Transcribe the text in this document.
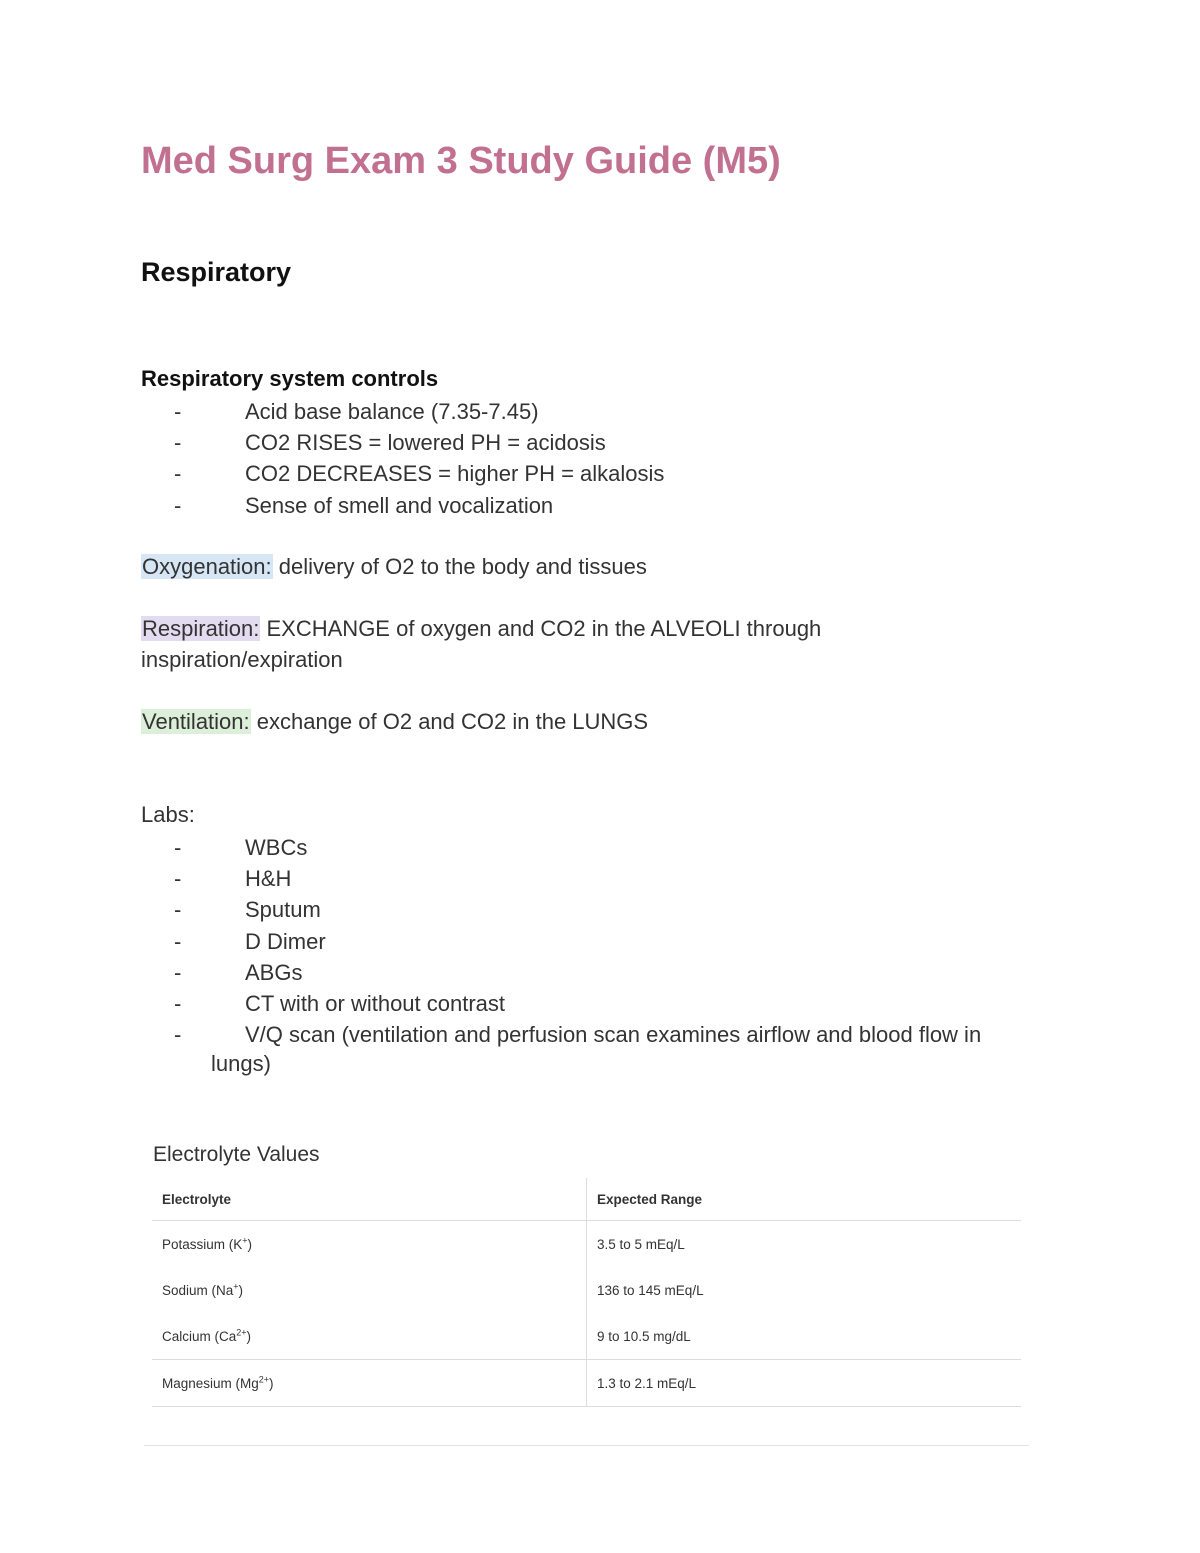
Med Surg Exam 3 Study Guide (M5)
Respiratory
Respiratory system controls
-	Acid base balance (7.35-7.45)
-	CO2 RISES = lowered PH = acidosis
-	CO2 DECREASES = higher PH = alkalosis
-	Sense of smell and vocalization
Oxygenation: delivery of O2 to the body and tissues
Respiration: EXCHANGE of oxygen and CO2 in the ALVEOLI through
inspiration/expiration
Ventilation: exchange of O2 and CO2 in the LUNGS
Labs:
-	WBCs
-	H&H
-	Sputum
-	D Dimer
-	ABGs
-	CT with or without contrast
-	V/Q scan (ventilation and perfusion scan examines airflow and blood flow in
lungs)
Electrolyte Values
Electrolyte	Expected Range
Potassium (K+)	3.5 to 5 mEq/L
Sodium (Na+)	136 to 145 mEq/L
Calcium $(Ca^{2+})$	9 to 10.5 mg/dL
Magnesium $(Mg^{2+})$	1.3 to 2.1 mEq/L
